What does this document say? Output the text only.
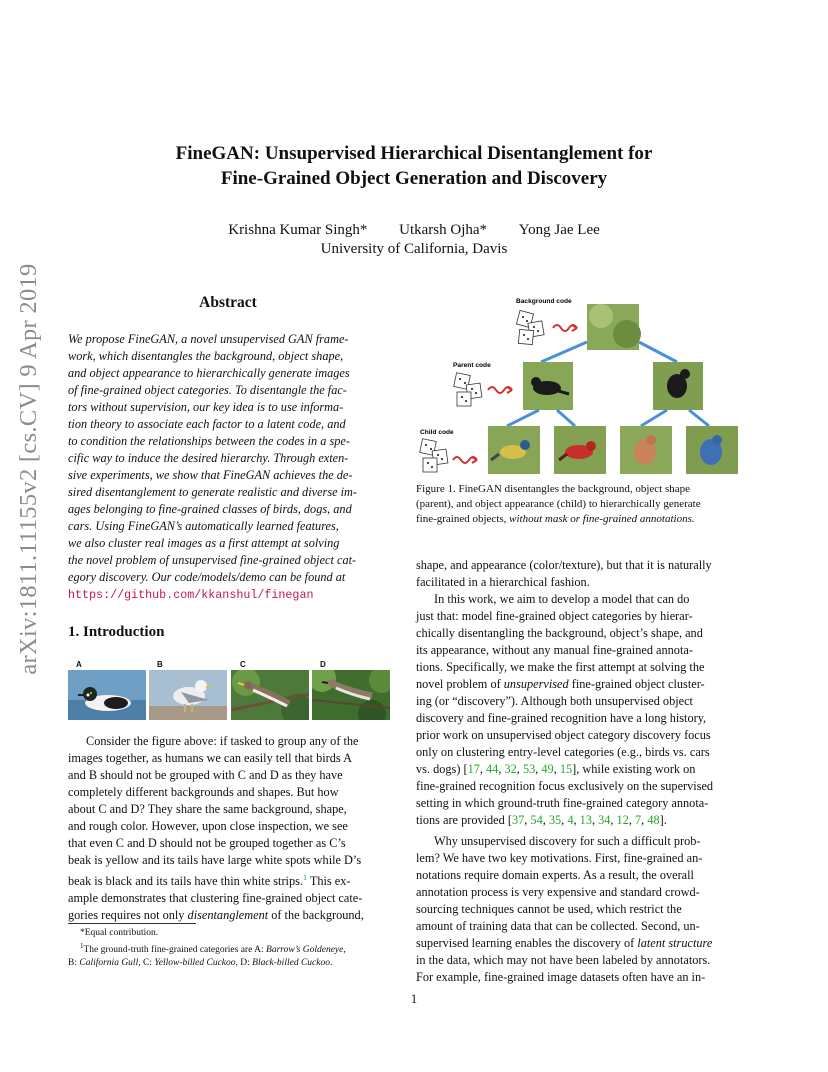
FineGAN: Unsupervised Hierarchical Disentanglement for
Fine-Grained Object Generation and Discovery
Krishna Kumar Singh* Utkarsh Ojha* Yong Jae Lee
University of California, Davis
arXiv:1811.11155v2 [cs.CV] 9 Apr 2019	Abstract

We propose FineGAN, a novel unsupervised GAN frame-

work, which disentangles the background, object shape,

and object appearance to hierarchically generate images

of fine-grained object categories. To disentangle the fac-

tors without supervision, our key idea is to use informa-

tion theory to associate each factor to a latent code, and

to condition the relationships between the codes in a spe-

cific way to induce the desired hierarchy. Through exten-

sive experiments, we show that FineGAN achieves the de-

sired disentanglement to generate realistic and diverse im-

ages belonging to fine-grained classes of birds, dogs, and

cars. Using FineGAN’s automatically learned features,

we also cluster real images as a first attempt at solving

the novel problem of unsupervised fine-grained object cat-

egory discovery. Our code/models/demo can be found at

https://github.com/kkanshul/finegan

1. Introduction
A	B	C	D

Consider the figure above: if tasked to group any of the

images together, as humans we can easily tell that birds A

and B should not be grouped with C and D as they have

completely different backgrounds and shapes. But how

about C and D? They share the same background, shape,

and rough color. However, upon close inspection, we see

that even C and D should not be grouped together as C’s

beak is yellow and its tails have large white spots while D’s

beak is black and its tails have thin white strips.$^1$ This ex-

ample demonstrates that clustering fine-grained object cate-

gories requires not only disentanglement of the background,

*Equal contribution.
$^1$The ground-truth fine-grained categories are A: Barrow’s Goldeneye,
B: California Gull, C: Yellow-billed Cuckoo, D: Black-billed Cuckoo.
Background code
Parent code
Child code
Figure 1. FineGAN disentangles the background, object shape
(parent), and object appearance (child) to hierarchically generate
fine-grained objects, without mask or fine-grained annotations.

shape, and appearance (color/texture), but that it is naturally

facilitated in a hierarchical fashion.

In this work, we aim to develop a model that can do

just that: model fine-grained object categories by hierar-

chically disentangling the background, object’s shape, and

its appearance, without any manual fine-grained annota-

tions. Specifically, we make the first attempt at solving the

novel problem of unsupervised fine-grained object cluster-

ing (or “discovery”). Although both unsupervised object

discovery and fine-grained recognition have a long history,

prior work on unsupervised object category discovery focus

only on clustering entry-level categories (e.g., birds vs. cars

vs. dogs) [17, 44, 32, 53, 49, 15], while existing work on

fine-grained recognition focus exclusively on the supervised

setting in which ground-truth fine-grained category annota-

tions are provided [37, 54, 35, 4, 13, 34, 12, 7, 48].

Why unsupervised discovery for such a difficult prob-

lem? We have two key motivations. First, fine-grained an-

notations require domain experts. As a result, the overall

annotation process is very expensive and standard crowd-

sourcing techniques cannot be used, which restrict the

amount of training data that can be collected. Second, un-

supervised learning enables the discovery of latent structure

in the data, which may not have been labeled by annotators.

For example, fine-grained image datasets often have an in-

1
